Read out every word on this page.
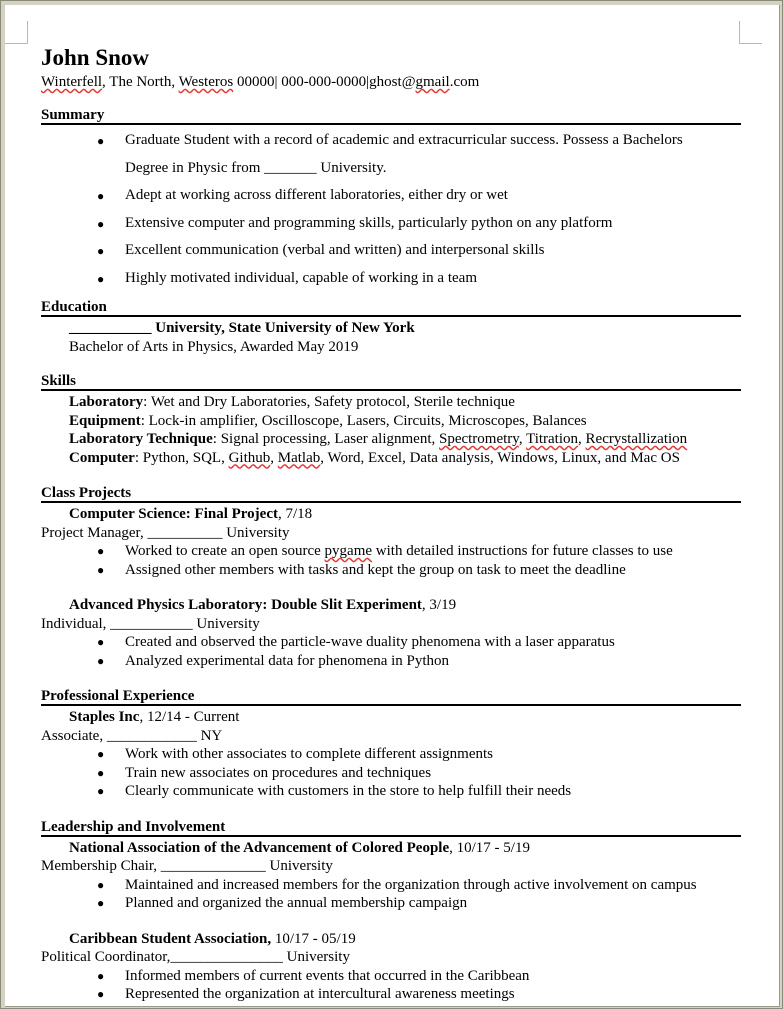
John Snow
Winterfell, The North, Westeros 00000| 000-000-0000|ghost@gmail.com
Summary
● Graduate Student with a record of academic and extracurricular success. Possess a Bachelors
Degree in Physic from _______ University.
● Adept at working across different laboratories, either dry or wet
● Extensive computer and programming skills, particularly python on any platform
● Excellent communication (verbal and written) and interpersonal skills
● Highly motivated individual, capable of working in a team
Education
___________ University, State University of New York
Bachelor of Arts in Physics, Awarded May 2019
Skills
Laboratory: Wet and Dry Laboratories, Safety protocol, Sterile technique
Equipment: Lock-in amplifier, Oscilloscope, Lasers, Circuits, Microscopes, Balances
Laboratory Technique: Signal processing, Laser alignment, Spectrometry, Titration, Recrystallization
Computer: Python, SQL, Github, Matlab, Word, Excel, Data analysis, Windows, Linux, and Mac OS
Class Projects
Computer Science: Final Project, 7/18
Project Manager, __________ University
● Worked to create an open source pygame with detailed instructions for future classes to use
● Assigned other members with tasks and kept the group on task to meet the deadline
Advanced Physics Laboratory: Double Slit Experiment, 3/19
Individual, ___________ University
● Created and observed the particle-wave duality phenomena with a laser apparatus
● Analyzed experimental data for phenomena in Python
Professional Experience
Staples Inc, 12/14 - Current
Associate, ____________ NY
● Work with other associates to complete different assignments
● Train new associates on procedures and techniques
● Clearly communicate with customers in the store to help fulfill their needs
Leadership and Involvement
National Association of the Advancement of Colored People, 10/17 - 5/19
Membership Chair, ______________ University
● Maintained and increased members for the organization through active involvement on campus
● Planned and organized the annual membership campaign
Caribbean Student Association, 10/17 - 05/19
Political Coordinator,_______________ University
● Informed members of current events that occurred in the Caribbean
● Represented the organization at intercultural awareness meetings
